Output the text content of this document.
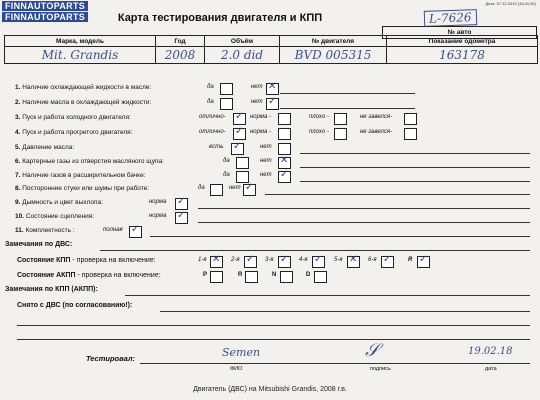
FINNAUTOPARTS
FINNAUTOPARTS
Дата: 07.12.2019 (16:41:52)
Карта тестирования двигателя и КПП	L-7626
№ авто
Марка, модель	Год	Объём	№ двигателя	Показание одометра
Mit. Grandis	2008	2.0 did	BVD 005315	163178
1. Наличие охлаждающей жидкости в масле:	да	нет ✕
2. Наличие масла в охлаждающей жидкости:	да	нет ✓
3. Пуск и работа холодного двигателя:	отлично- ✓ норма -	плохо -	не завелся-
4. Пуск и работа прогретого двигателя:	отлично- ✓ норма -	плохо -	не завелся-
5. Давление масла:	есть ✓	нет
6. Картерные газы из отверстия масляного щупа:	да	нет ✕
7. Наличие газов в расширительном бачке:	да	нет ✓
8. Посторонние стуки или шумы при работе:	да	нет ✓
9. Дымность и цвет выхлопа:	норма ✓
10. Состояние сцепления:	норма ✓
11. Комплектность :	полная ✓
Замечания по ДВС:
Состояние КПП - проверка на включение:	1-я ✕ 2-я ✓ 3-я ✓ 4-я ✓ 5-я ✕ 6-я ✓	R ✓
Состояние АКПП - проверка на включение:	P	R	N	D
Замечания по КПП (АКПП):
Снято с ДВС (по согласованию!):
Тестировал:	Semen	𝒮	19.02.18
ФИО	подпись	дата
Двигатель (ДВС) на Mitsubishi Grandis, 2008 г.в.
